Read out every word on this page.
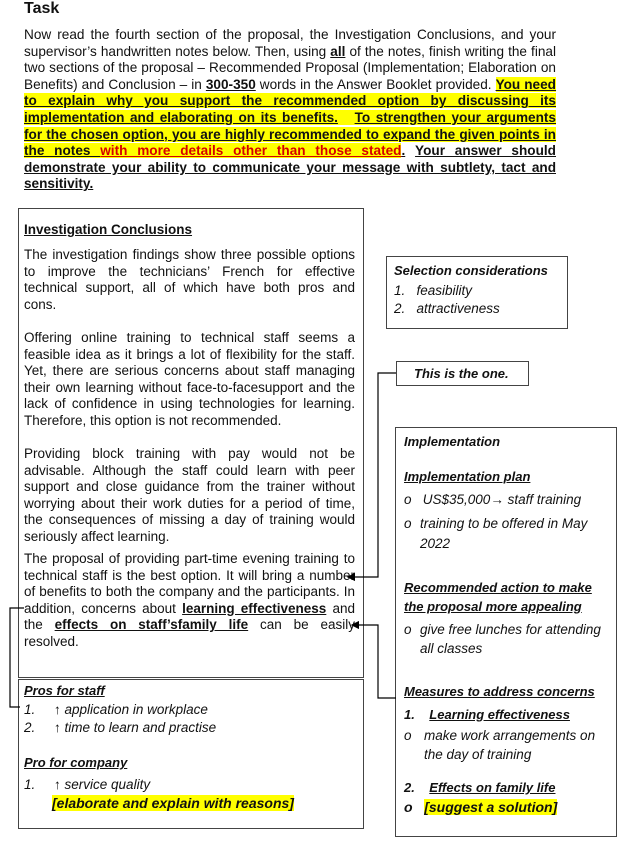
Task
Now read the fourth section of the proposal, the Investigation Conclusions, and your supervisor’s handwritten notes below. Then, using all of the notes, finish writing the final two sections of the proposal – Recommended Proposal (Implementation; Elaboration on Benefits) and Conclusion – in 300-350 words in the Answer Booklet provided. You need to explain why you support the recommended option by discussing its implementation and elaborating on its benefits. To strengthen your arguments for the chosen option, you are highly recommended to expand the given points in the notes with more details other than those stated. Your answer should demonstrate your ability to communicate your message with subtlety, tact and sensitivity.
Investigation Conclusions
The investigation findings show three possible options to improve the technicians’ French for effective technical support, all of which have both pros and cons.
Offering online training to technical staff seems a feasible idea as it brings a lot of flexibility for the staff. Yet, there are serious concerns about staff managing their own learning without face-to-facesupport and the lack of confidence in using technologies for learning. Therefore, this option is not recommended.
Providing block training with pay would not be advisable. Although the staff could learn with peer support and close guidance from the trainer without worrying about their work duties for a period of time, the consequences of missing a day of training would seriously affect learning.
The proposal of providing part-time evening training to technical staff is the best option. It will bring a number of benefits to both the company and the participants. In addition, concerns about learning effectiveness and the effects on staff’sfamily life can be easily resolved.
Selection considerations
1.   feasibility
2.   attractiveness
This is the one.
Implementation
Implementation plan
o   US$35,000→ staff training
o training to be offered in May 2022
Recommended action to make the proposal more appealing
o give free lunches for attending all classes
Measures to address concerns
1.    Learning effectiveness
o make work arrangements on the day of training
2.    Effects on family life
o   [suggest a solution]
Pros for staff
1.     ↑ application in workplace
2.     ↑ time to learn and practise
Pro for company
1.     ↑ service quality
[elaborate and explain with reasons]
